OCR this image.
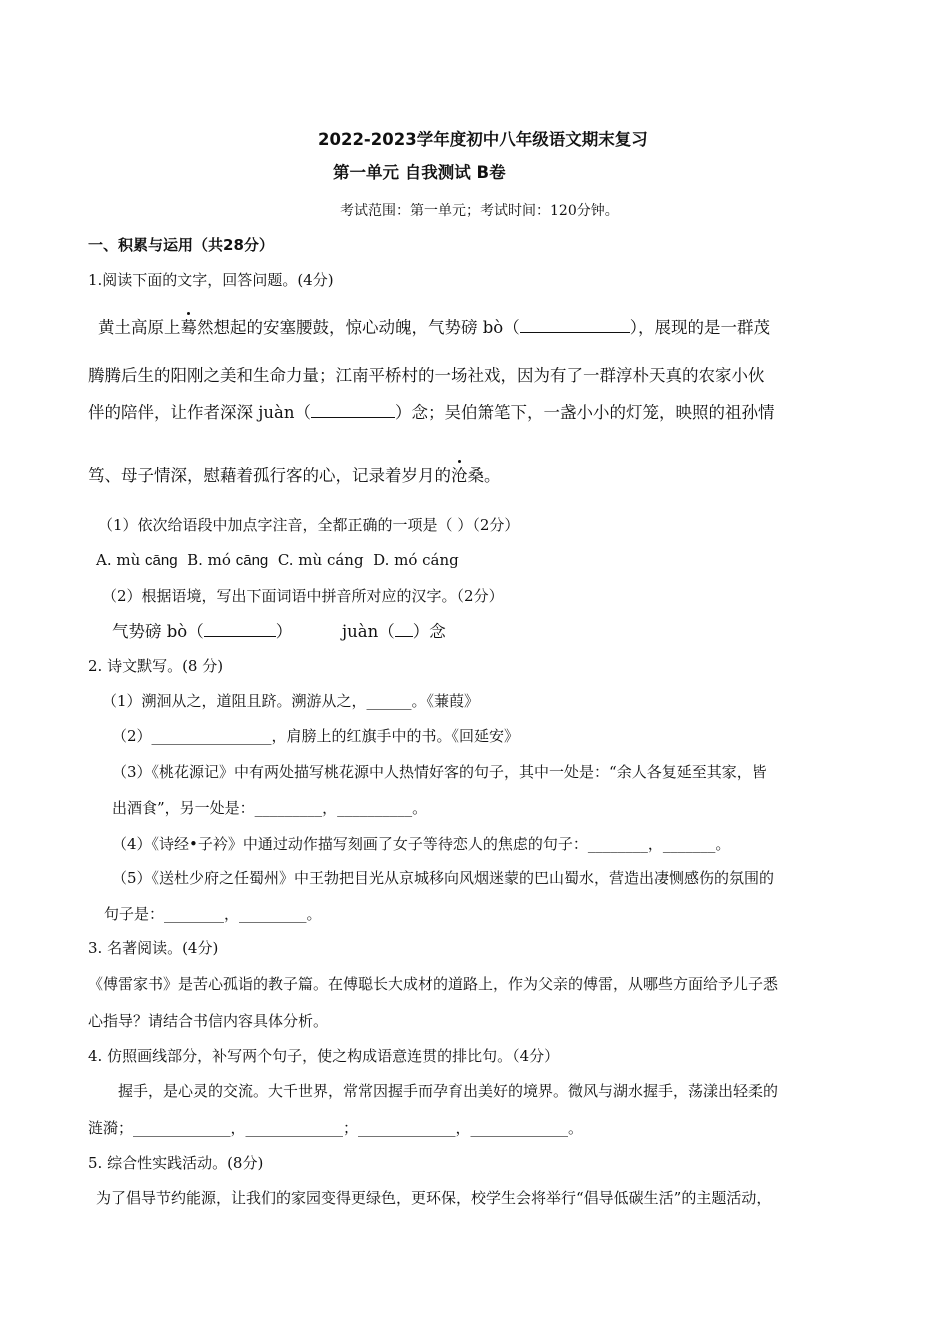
2022-2023学年度初中八年级语文期末复习
第一单元 自我测试 B卷
考试范围：第一单元；考试时间：120分钟。
一、积累与运用（共28分）
1.阅读下面的文字，回答问题。(4分)
黄土高原上蓦然想起的安塞腰鼓，惊心动魄，气势磅 bò（	），展现的是一群茂
腾腾后生的阳刚之美和生命力量；江南平桥村的一场社戏，因为有了一群淳朴天真的农家小伙
伴的陪伴，让作者深深 juàn（	）念；吴伯箫笔下，一盏小小的灯笼，映照的祖孙情
笃、母子情深，慰藉着孤行客的心，记录着岁月的沧桑。
（1）依次给语段中加点字注音，全都正确的一项是（ ）（2分）
A. mù cāng B. mó cāng C. mù cáng D. mó cáng
（2）根据语境，写出下面词语中拼音所对应的汉字。（2分）
气势磅 bò（	）	juàn（ ）念
2. 诗文默写。(8 分)
（1）溯洄从之，道阻且跻。溯游从之，______。《蒹葭》
（2）________________，肩膀上的红旗手中的书。《回延安》
（3）《桃花源记》中有两处描写桃花源中人热情好客的句子，其中一处是：“余人各复延至其家，皆
出酒食”，另一处是：_________，__________。
（4）《诗经•子衿》中通过动作描写刻画了女子等待恋人的焦虑的句子：________，_______。
（5）《送杜少府之任蜀州》中王勃把目光从京城移向风烟迷蒙的巴山蜀水，营造出凄恻感伤的氛围的
句子是：________，_________。
3. 名著阅读。(4分)
《傅雷家书》是苦心孤诣的教子篇。在傅聪长大成材的道路上，作为父亲的傅雷，从哪些方面给予儿子悉
心指导？请结合书信内容具体分析。
4. 仿照画线部分，补写两个句子，使之构成语意连贯的排比句。（4分）
握手，是心灵的交流。大千世界，常常因握手而孕育出美好的境界。微风与湖水握手，荡漾出轻柔的
涟漪；_____________，_____________；_____________，_____________。
5. 综合性实践活动。(8分)
为了倡导节约能源，让我们的家园变得更绿色，更环保，校学生会将举行“倡导低碳生活”的主题活动，
